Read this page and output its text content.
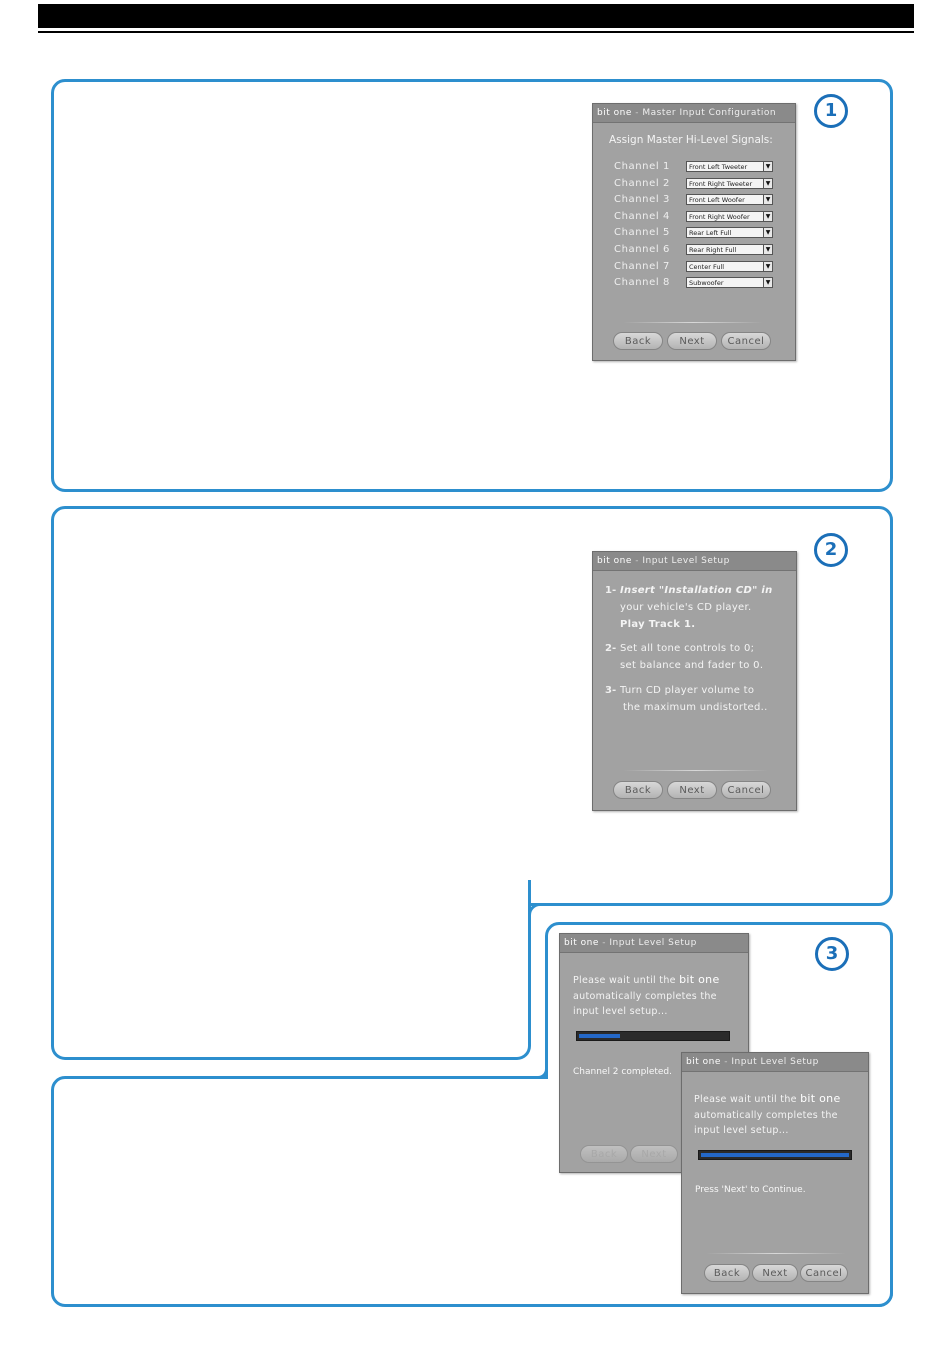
1
bit one - Master Input Configuration
Assign Master Hi-Level Signals:
Channel 1	Front Left Tweeter	▼
Channel 2	Front Right Tweeter	▼
Channel 3	Front Left Woofer	▼
Channel 4	Front Right Woofer	▼
Channel 5	Rear Left Full	▼
Channel 6	Rear Right Full	▼
Channel 7	Center Full	▼
Channel 8	Subwoofer	▼
Back	Next	Cancel
2
bit one - Input Level Setup
1- Insert "Installation CD" in
your vehicle's CD player.
Play Track 1.
2- Set all tone controls to 0;
set balance and fader to 0.
3- Turn CD player volume to
the maximum undistorted..
Back	Next	Cancel
3
bit one - Input Level Setup
Please wait until the bit one automatically completes the input level setup...
Channel 2 completed.
Back	Next
bit one - Input Level Setup
Please wait until the bit one automatically completes the input level setup...
Press 'Next' to Continue.
Back	Next	Cancel
